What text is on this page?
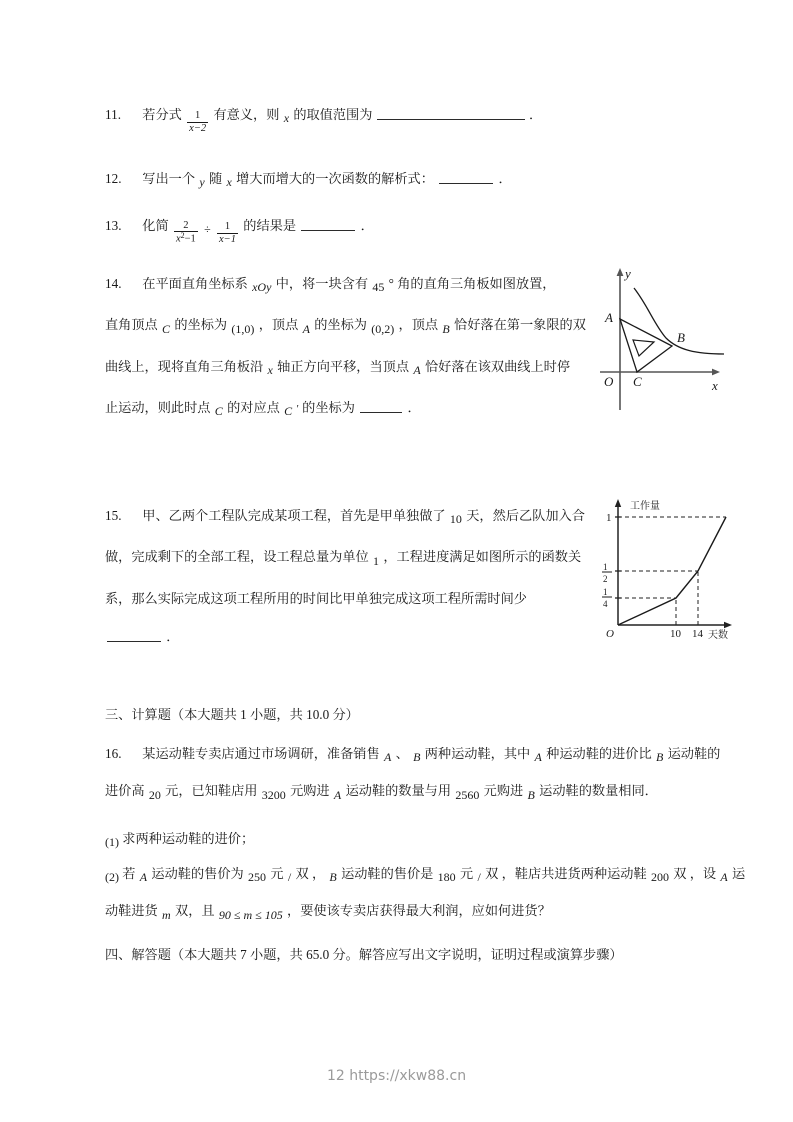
11. 若分式 $\frac{1}{x-2}$ 有意义，则 x 的取值范围为	．
12. 写出一个 y 随 x 增大而增大的一次函数的解析式：	．
13. 化简 $\frac{2}{x^2-1} \div \frac{1}{x-1}$ 的结果是	．
14. 在平面直角坐标系 xOy 中，将一块含有 45 ° 角的直角三角板如图放置，
直角顶点 C 的坐标为 (1,0) ，顶点 A 的坐标为 (0,2) ，顶点 B 恰好落在第一象限的双
曲线上，现将直角三角板沿 x 轴正方向平移，当顶点 A 恰好落在该双曲线上时停
止运动，则此时点 C 的对应点 C ′ 的坐标为	．
A
B
C
O
y
x
15. 甲、乙两个工程队完成某项工程，首先是甲单独做了 10 天，然后乙队加入合
做，完成剩下的全部工程，设工程总量为单位 1 ，工程进度满足如图所示的函数关
系，那么实际完成这项工程所用的时间比甲单独完成这项工程所需时间少
．
1
1
2
1
4
10 14
O
工作量
天数
三、计算题（本大题共 1 小题，共 10.0 分）
16. 某运动鞋专卖店通过市场调研，准备销售 A 、 B 两种运动鞋，其中 A 种运动鞋的进价比 B 运动鞋的
进价高 20 元，已知鞋店用 3200 元购进 A 运动鞋的数量与用 2560 元购进 B 运动鞋的数量相同．
(1) 求两种运动鞋的进价；
(2) 若 A 运动鞋的售价为 250 元 / 双 ， B 运动鞋的售价是 180 元 / 双 ，鞋店共进货两种运动鞋 200 双 ，设 A 运
动鞋进货 m 双，且 90 ≤ m ≤ 105 ，要使该专卖店获得最大利润，应如何进货？
四、解答题（本大题共 7 小题，共 65.0 分。解答应写出文字说明，证明过程或演算步骤）
12 https://xkw88.cn
